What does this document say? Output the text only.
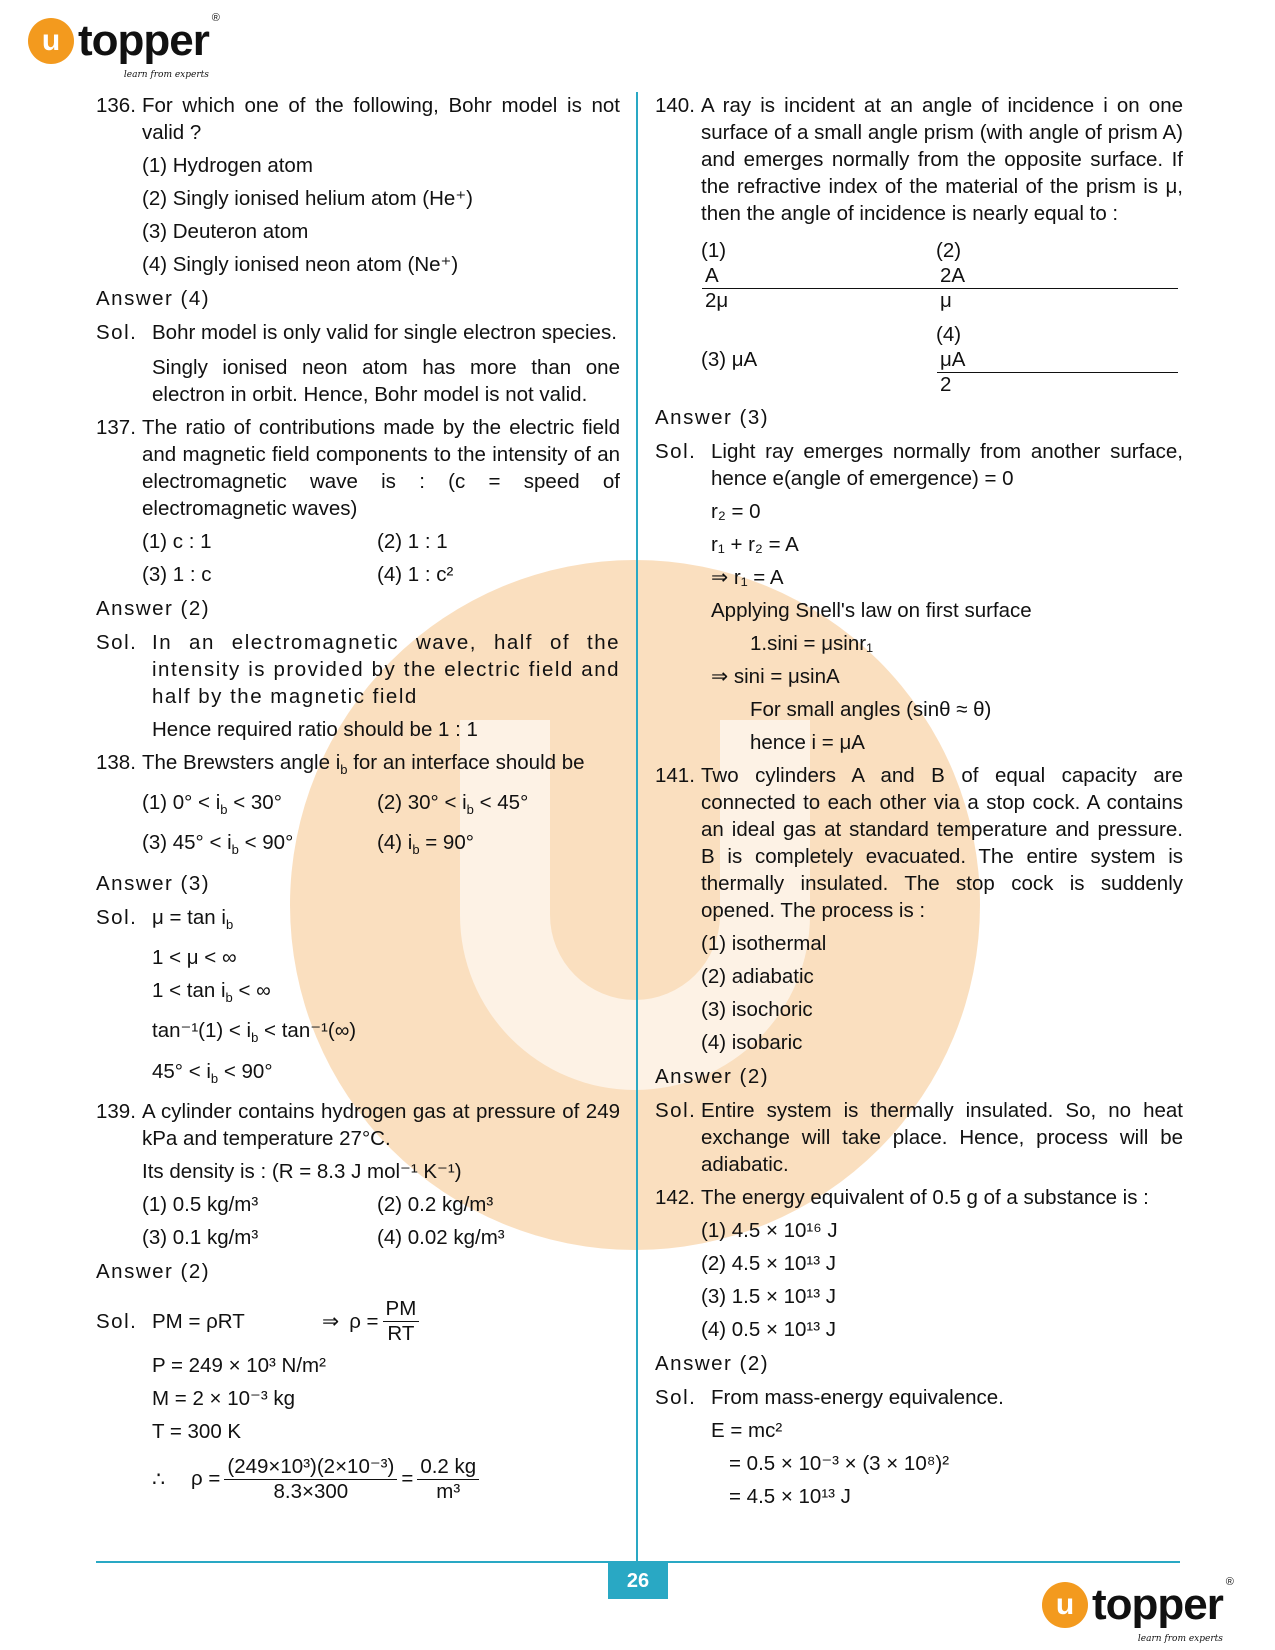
u topper ®
learn from experts
136. For which one of the following, Bohr model is not valid ?
(1) Hydrogen atom
(2) Singly ionised helium atom (He⁺)
(3) Deuteron atom
(4) Singly ionised neon atom (Ne⁺)
Answer (4)
Sol. Bohr model is only valid for single electron species.
Singly ionised neon atom has more than one electron in orbit. Hence, Bohr model is not valid.
137. The ratio of contributions made by the electric field and magnetic field components to the intensity of an electromagnetic wave is : (c = speed of electromagnetic waves)
(1) c : 1	(2) 1 : 1
(3) 1 : c	(4) 1 : c²
Answer (2)
Sol. In an electromagnetic wave, half of the intensity is provided by the electric field and half by the magnetic field
Hence required ratio should be 1 : 1
138. The Brewsters angle $i_b$ for an interface should be
(1) $0^\circ < i_b < 30^\circ$	(2) $30^\circ < i_b < 45^\circ$
(3) $45^\circ < i_b < 90^\circ$	(4) $i_b = 90^\circ$
Answer (3)
Sol. $\mu = \tan i_b$
1 < μ < ∞
$1 < \tan i_b$ < ∞
$\tan^{-1}(1) < i_b < \tan^{-1}(\infty)$
$45^\circ < i_b < 90^\circ$
139. A cylinder contains hydrogen gas at pressure of 249 kPa and temperature 27°C.
Its density is : (R = 8.3 J mol⁻¹ K⁻¹)
(1) 0.5 kg/m³	(2) 0.2 kg/m³
(3) 0.1 kg/m³	(4) 0.02 kg/m³
Answer (2)
Sol. PM = ρRT	⇒ $\rho = \frac{PM}{RT}$
P = 249 × 10³ N/m²
M = 2 × 10⁻³ kg
T = 300 K
∴ $\rho = \frac{\text{(249×10³)(2×10⁻³)}}{8.3\times 300} = \frac{0.2 kg}{\text{m³}}$
140. A ray is incident at an angle of incidence i on one surface of a small angle prism (with angle of prism A) and emerges normally from the opposite surface. If the refractive index of the material of the prism is μ, then the angle of incidence is nearly equal to :
(1)
$\frac{A}{2\mu}$
(2)
$\frac{2A}{\mu}$
(3) μA
(4)
$\frac{\mu A}{2}$
Answer (3)
Sol. Light ray emerges normally from another surface, hence e(angle of emergence) = 0
r₂ = 0
r₁ + r₂ = A
⇒ r₁ = A
Applying Snell's law on first surface
1.sini = μsinr₁
⇒ sini = μsinA
For small angles (sinθ ≈ θ)
hence i = μA
141. Two cylinders A and B of equal capacity are connected to each other via a stop cock. A contains an ideal gas at standard temperature and pressure. B is completely evacuated. The entire system is thermally insulated. The stop cock is suddenly opened. The process is :
(1) isothermal
(2) adiabatic
(3) isochoric
(4) isobaric
Answer (2)
Sol. Entire system is thermally insulated. So, no heat exchange will take place. Hence, process will be adiabatic.
142. The energy equivalent of 0.5 g of a substance is :
(1) 4.5 × 10¹⁶ J
(2) 4.5 × 10¹³ J
(3) 1.5 × 10¹³ J
(4) 0.5 × 10¹³ J
Answer (2)
Sol. From mass-energy equivalence.
E = mc²
= 0.5 × 10⁻³ × (3 × 10⁸)²
= 4.5 × 10¹³ J
26
u topper ®
learn from experts
